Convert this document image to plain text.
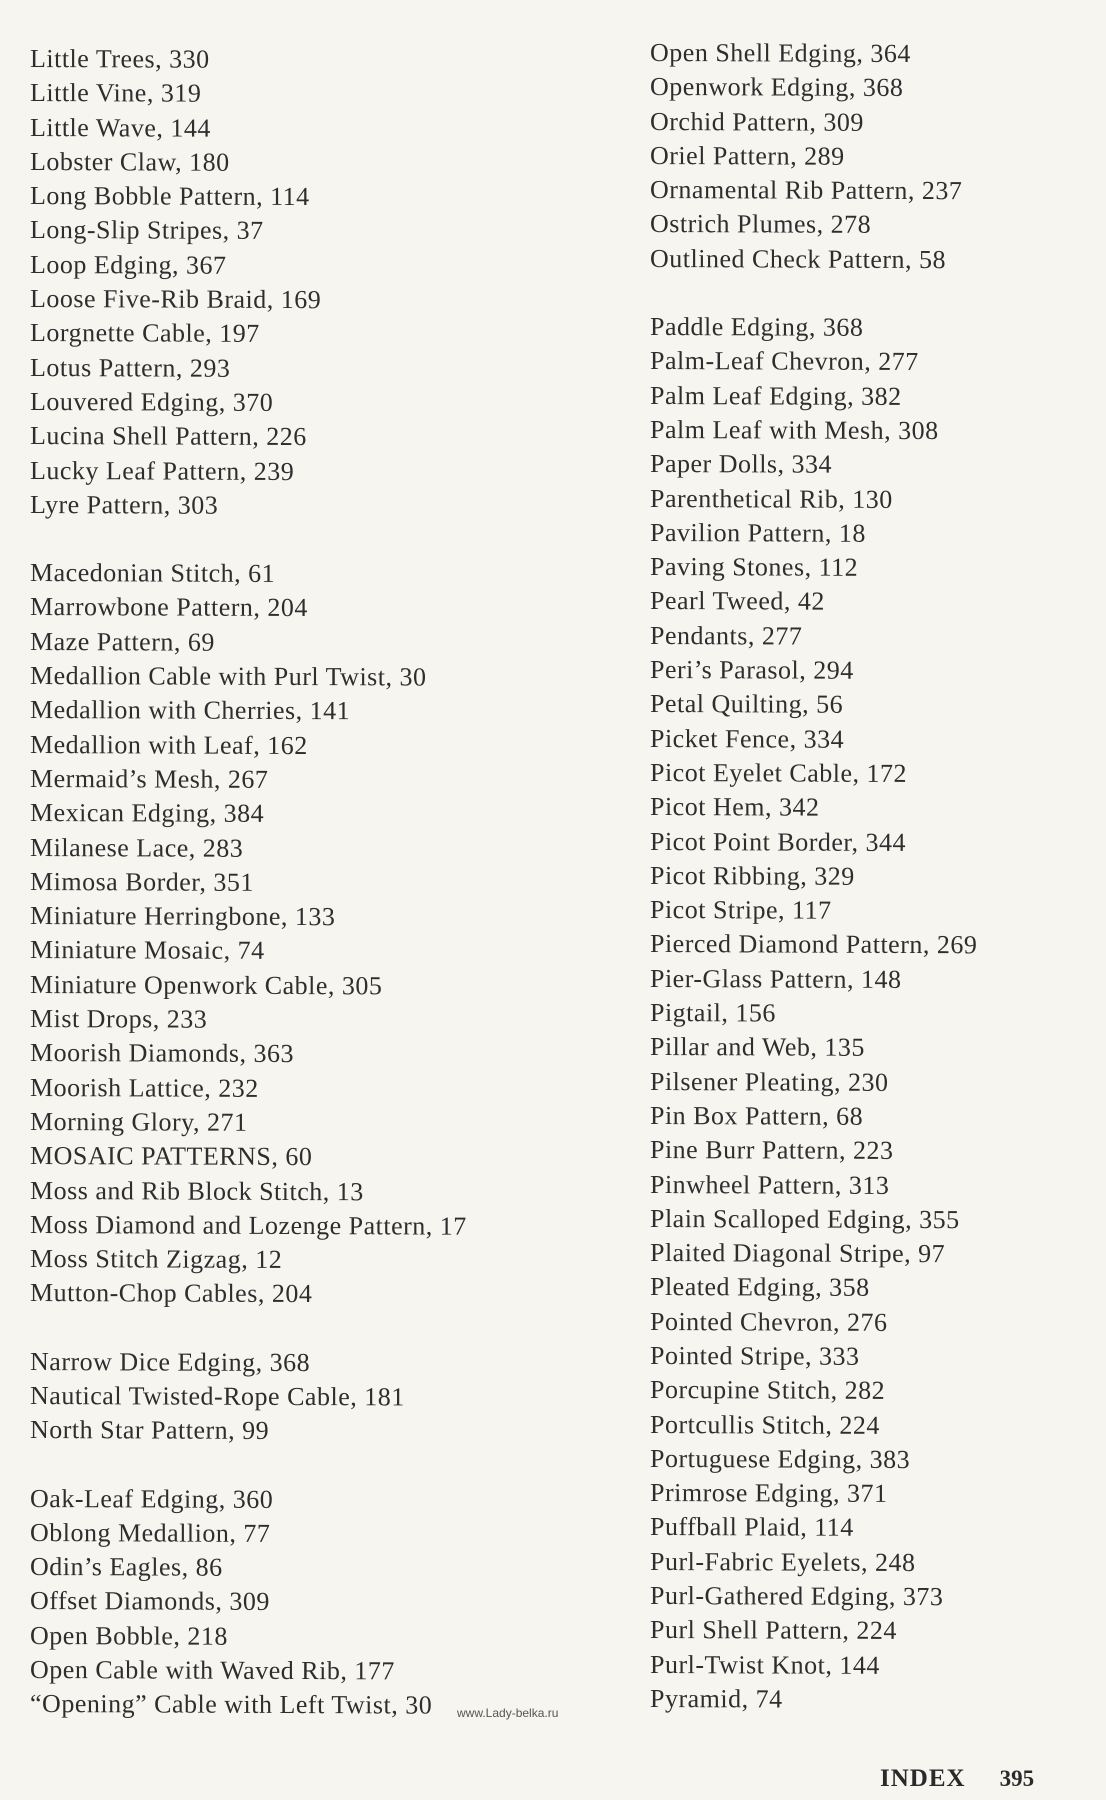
Little Trees, 330
Little Vine, 319
Little Wave, 144
Lobster Claw, 180
Long Bobble Pattern, 114
Long-Slip Stripes, 37
Loop Edging, 367
Loose Five-Rib Braid, 169
Lorgnette Cable, 197
Lotus Pattern, 293
Louvered Edging, 370
Lucina Shell Pattern, 226
Lucky Leaf Pattern, 239
Lyre Pattern, 303
Macedonian Stitch, 61
Marrowbone Pattern, 204
Maze Pattern, 69
Medallion Cable with Purl Twist, 30
Medallion with Cherries, 141
Medallion with Leaf, 162
Mermaid’s Mesh, 267
Mexican Edging, 384
Milanese Lace, 283
Mimosa Border, 351
Miniature Herringbone, 133
Miniature Mosaic, 74
Miniature Openwork Cable, 305
Mist Drops, 233
Moorish Diamonds, 363
Moorish Lattice, 232
Morning Glory, 271
MOSAIC PATTERNS, 60
Moss and Rib Block Stitch, 13
Moss Diamond and Lozenge Pattern, 17
Moss Stitch Zigzag, 12
Mutton-Chop Cables, 204
Narrow Dice Edging, 368
Nautical Twisted-Rope Cable, 181
North Star Pattern, 99
Oak-Leaf Edging, 360
Oblong Medallion, 77
Odin’s Eagles, 86
Offset Diamonds, 309
Open Bobble, 218
Open Cable with Waved Rib, 177
“Opening” Cable with Left Twist, 30
Open Shell Edging, 364
Openwork Edging, 368
Orchid Pattern, 309
Oriel Pattern, 289
Ornamental Rib Pattern, 237
Ostrich Plumes, 278
Outlined Check Pattern, 58
Paddle Edging, 368
Palm-Leaf Chevron, 277
Palm Leaf Edging, 382
Palm Leaf with Mesh, 308
Paper Dolls, 334
Parenthetical Rib, 130
Pavilion Pattern, 18
Paving Stones, 112
Pearl Tweed, 42
Pendants, 277
Peri’s Parasol, 294
Petal Quilting, 56
Picket Fence, 334
Picot Eyelet Cable, 172
Picot Hem, 342
Picot Point Border, 344
Picot Ribbing, 329
Picot Stripe, 117
Pierced Diamond Pattern, 269
Pier-Glass Pattern, 148
Pigtail, 156
Pillar and Web, 135
Pilsener Pleating, 230
Pin Box Pattern, 68
Pine Burr Pattern, 223
Pinwheel Pattern, 313
Plain Scalloped Edging, 355
Plaited Diagonal Stripe, 97
Pleated Edging, 358
Pointed Chevron, 276
Pointed Stripe, 333
Porcupine Stitch, 282
Portcullis Stitch, 224
Portuguese Edging, 383
Primrose Edging, 371
Puffball Plaid, 114
Purl-Fabric Eyelets, 248
Purl-Gathered Edging, 373
Purl Shell Pattern, 224
Purl-Twist Knot, 144
Pyramid, 74
www.Lady-belka.ru
INDEX 395
